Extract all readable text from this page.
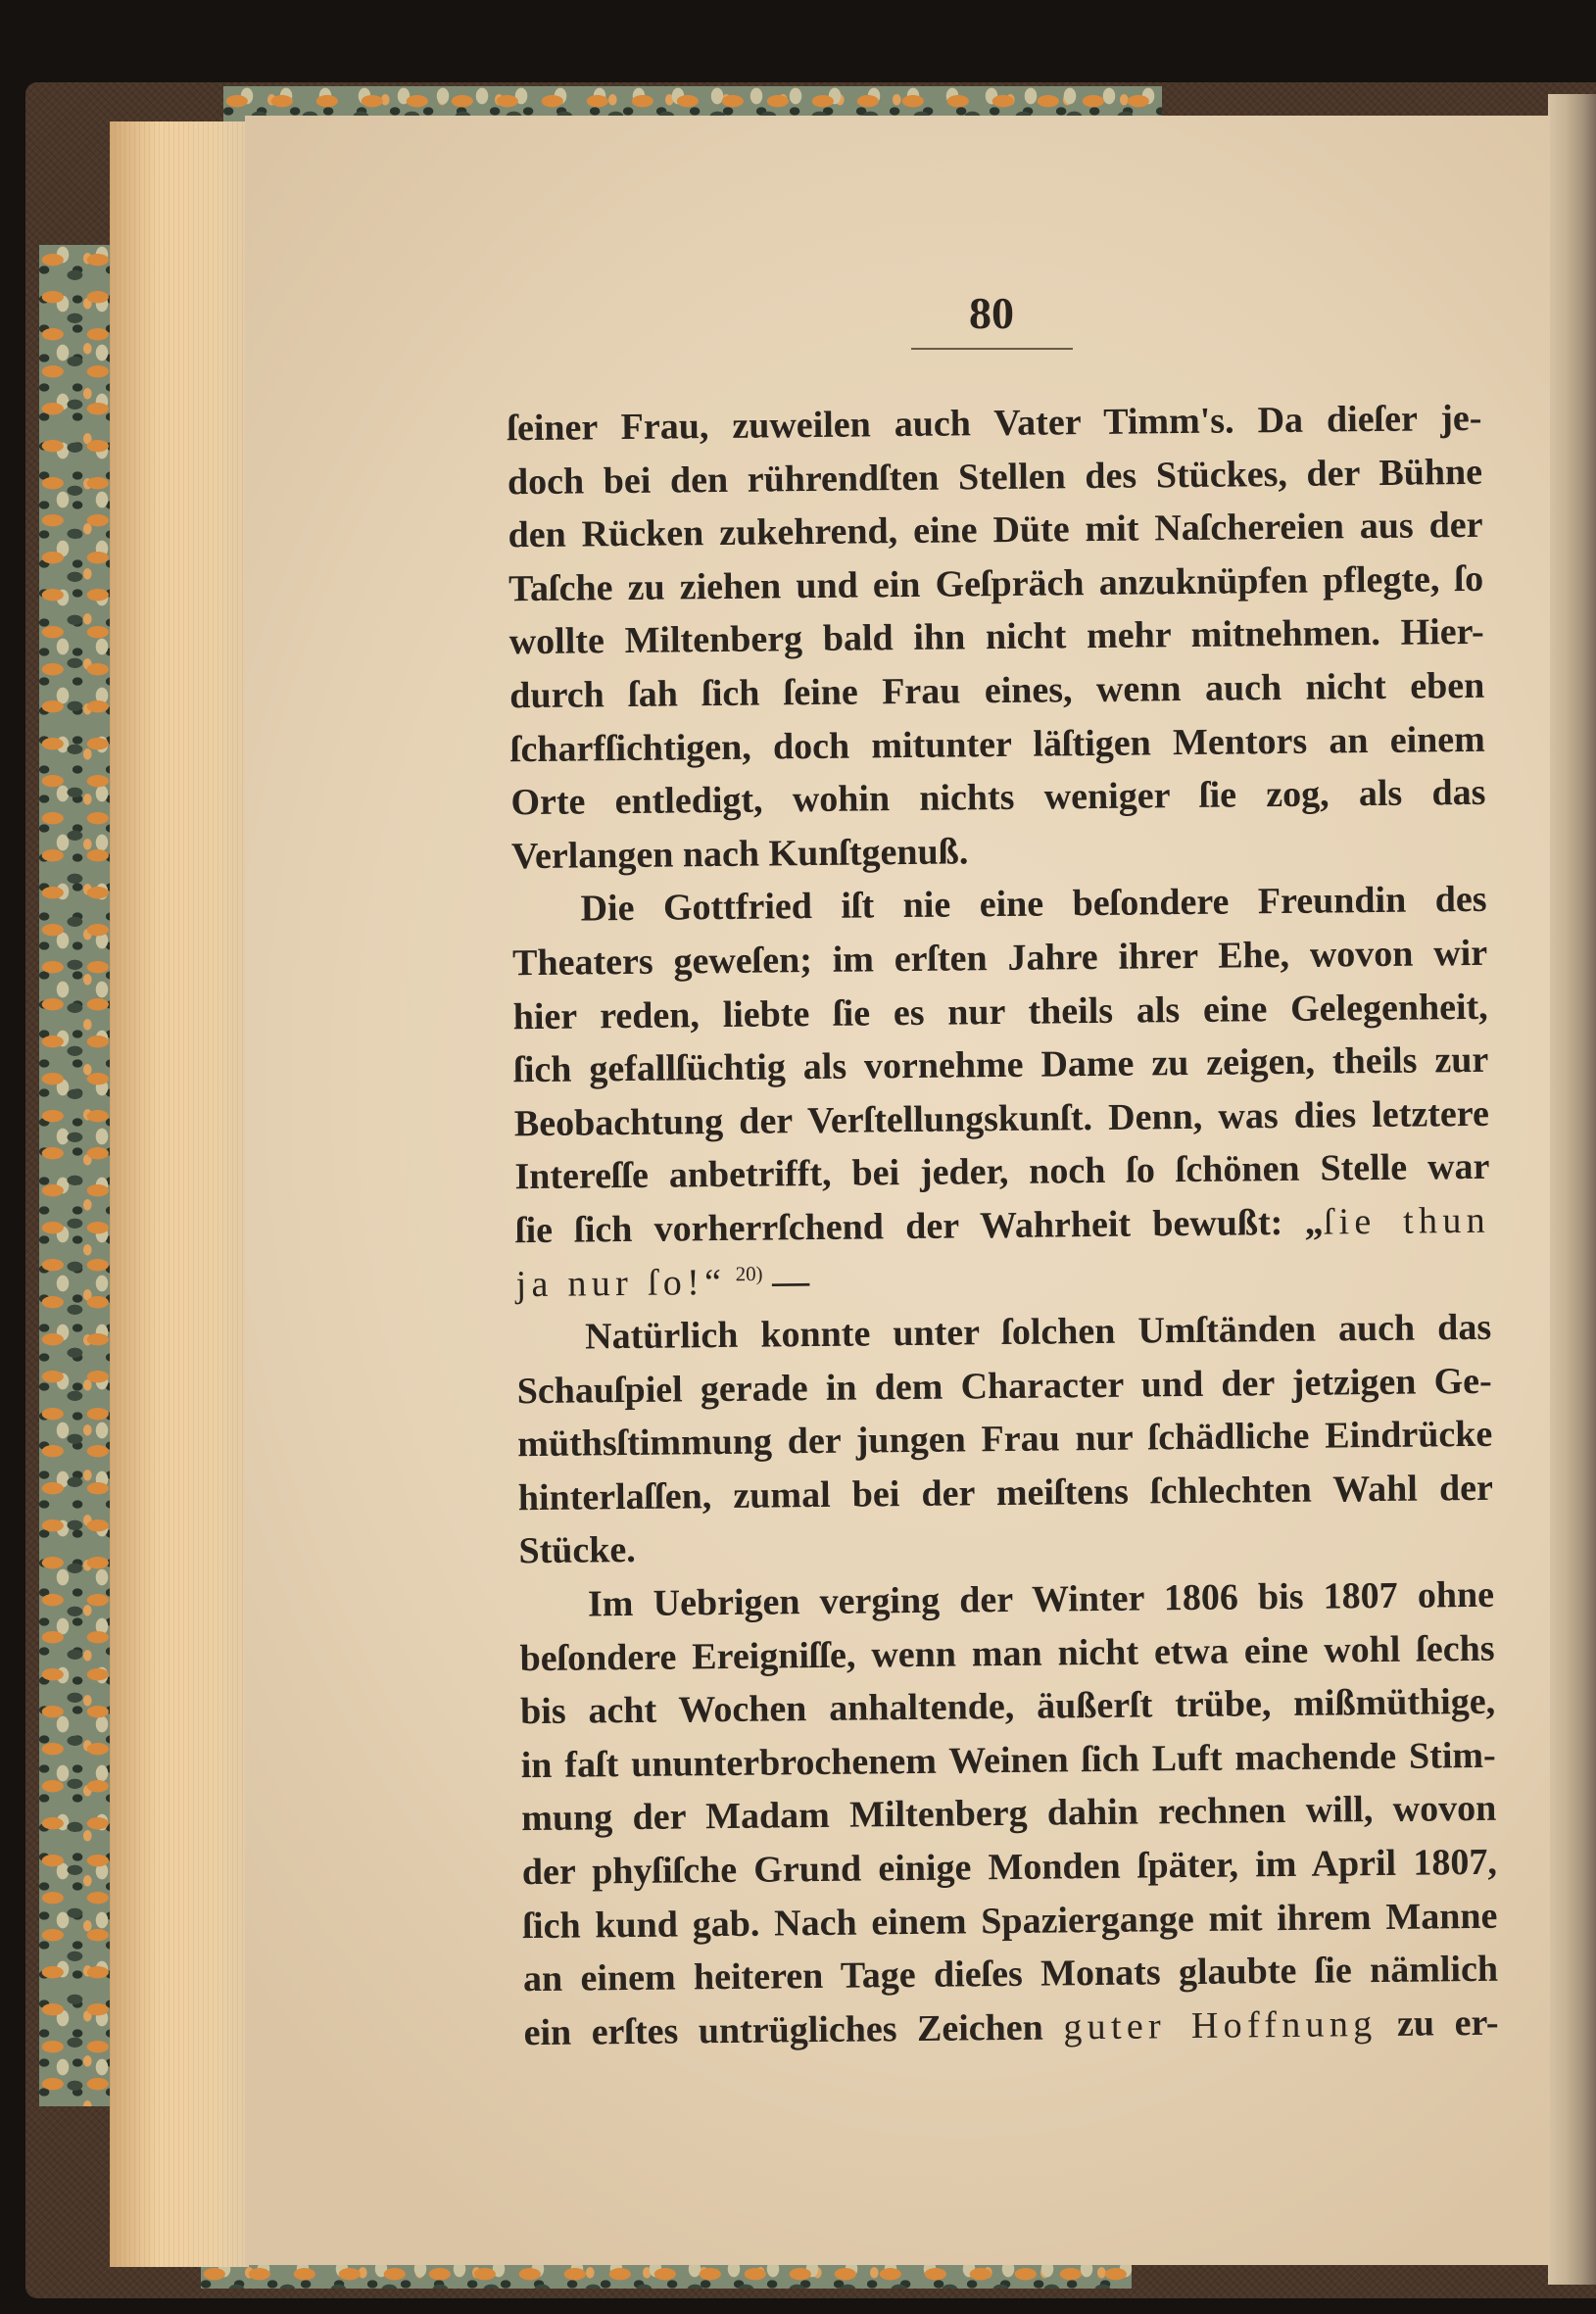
80
ſeiner Frau, zuweilen auch Vater Timm's. Da dieſer je-
doch bei den rührendſten Stellen des Stückes, der Bühne
den Rücken zukehrend, eine Düte mit Naſchereien aus der
Taſche zu ziehen und ein Geſpräch anzuknüpfen pflegte, ſo
wollte Miltenberg bald ihn nicht mehr mitnehmen. Hier-
durch ſah ſich ſeine Frau eines, wenn auch nicht eben
ſcharfſichtigen, doch mitunter läſtigen Mentors an einem
Orte entledigt, wohin nichts weniger ſie zog, als das
Verlangen nach Kunſtgenuß.
Die Gottfried iſt nie eine beſondere Freundin des
Theaters geweſen; im erſten Jahre ihrer Ehe, wovon wir
hier reden, liebte ſie es nur theils als eine Gelegenheit,
ſich gefallſüchtig als vornehme Dame zu zeigen, theils zur
Beobachtung der Verſtellungskunſt. Denn, was dies letztere
Intereſſe anbetrifft, bei jeder, noch ſo ſchönen Stelle war
ſie ſich vorherrſchend der Wahrheit bewußt: „ſie thun
ja nur ſo!“ $^{20)}$ —
Natürlich konnte unter ſolchen Umſtänden auch das
Schauſpiel gerade in dem Character und der jetzigen Ge-
müthsſtimmung der jungen Frau nur ſchädliche Eindrücke
hinterlaſſen, zumal bei der meiſtens ſchlechten Wahl der
Stücke.
Im Uebrigen verging der Winter 1806 bis 1807 ohne
beſondere Ereigniſſe, wenn man nicht etwa eine wohl ſechs
bis acht Wochen anhaltende, äußerſt trübe, mißmüthige,
in faſt ununterbrochenem Weinen ſich Luft machende Stim-
mung der Madam Miltenberg dahin rechnen will, wovon
der phyſiſche Grund einige Monden ſpäter, im April 1807,
ſich kund gab. Nach einem Spaziergange mit ihrem Manne
an einem heiteren Tage dieſes Monats glaubte ſie nämlich
ein erſtes untrügliches Zeichen guter Hoffnung zu er-
